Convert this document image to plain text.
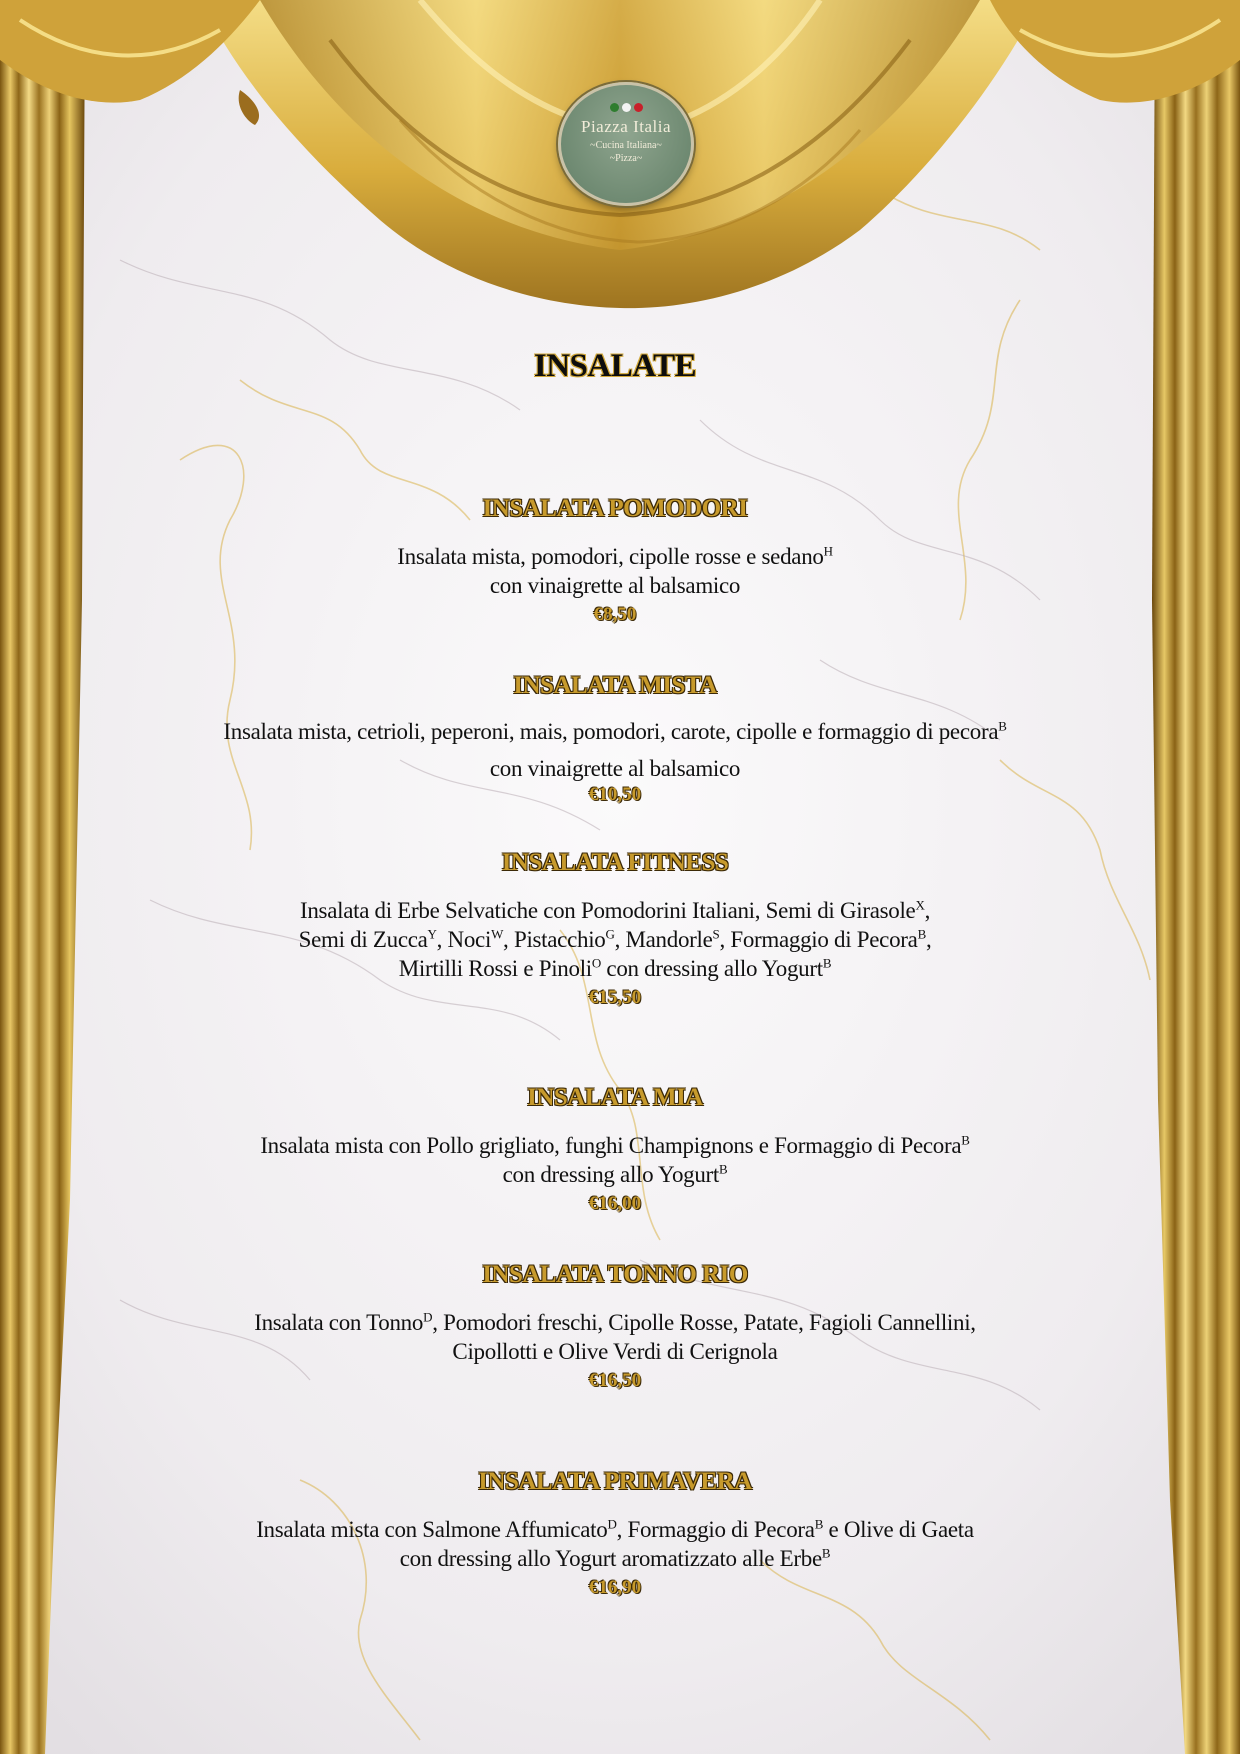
Piazza Italia
~Cucina Italiana~
~Pizza~
INSALATE
INSALATA POMODORI
Insalata mista, pomodori, cipolle rosse e sedano$^H$
con vinaigrette al balsamico
€8,50
INSALATA MISTA
Insalata mista, cetrioli, peperoni, mais, pomodori, carote, cipolle e formaggio di pecora$^B$
con vinaigrette al balsamico
€10,50
INSALATA FITNESS
Insalata di Erbe Selvatiche con Pomodorini Italiani, Semi di Girasole$^X$,
Semi di Zucca$^Y$, Noci$^W$, Pistacchio$^G$, Mandorle$^S$, Formaggio di Pecora$^B$,
Mirtilli Rossi e Pinoli$^O$ con dressing allo Yogurt$^B$
€15,50
INSALATA MIA
Insalata mista con Pollo grigliato, funghi Champignons e Formaggio di Pecora$^B$
con dressing allo Yogurt$^B$
€16,00
INSALATA TONNO RIO
Insalata con Tonno$^D$, Pomodori freschi, Cipolle Rosse, Patate, Fagioli Cannellini,
Cipollotti e Olive Verdi di Cerignola
€16,50
INSALATA PRIMAVERA
Insalata mista con Salmone Affumicato$^D$, Formaggio di Pecora$^B$ e Olive di Gaeta
con dressing allo Yogurt aromatizzato alle Erbe$^B$
€16,90
